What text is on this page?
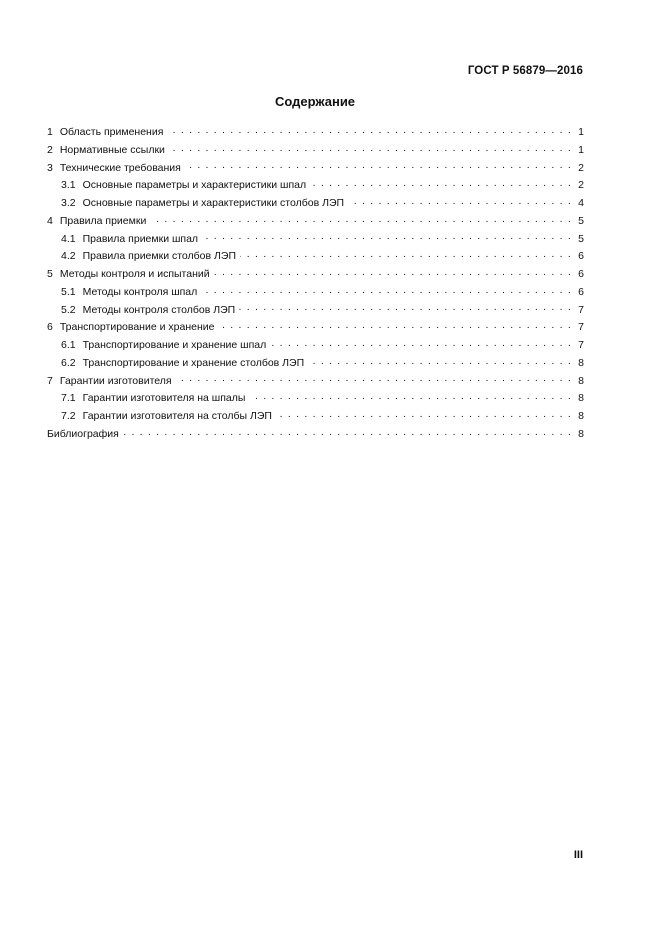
ГОСТ Р 56879—2016
Содержание
1 Область применения . . .	1
2 Нормативные ссылки . . .	1
3 Технические требования . . .	2
3.1 Основные параметры и характеристики шпал . . .	2
3.2 Основные параметры и характеристики столбов ЛЭП . . .	4
4 Правила приемки . . .	5
4.1 Правила приемки шпал . . .	5
4.2 Правила приемки столбов ЛЭП . . .	6
5 Методы контроля и испытаний . . .	6
5.1 Методы контроля шпал . . .	6
5.2 Методы контроля столбов ЛЭП . . .	7
6 Транспортирование и хранение . . .	7
6.1 Транспортирование и хранение шпал . . .	7
6.2 Транспортирование и хранение столбов ЛЭП . . .	8
7 Гарантии изготовителя . . .	8
7.1 Гарантии изготовителя на шпалы . . .	8
7.2 Гарантии изготовителя на столбы ЛЭП . . .	8
Библиография . . .	8
III
